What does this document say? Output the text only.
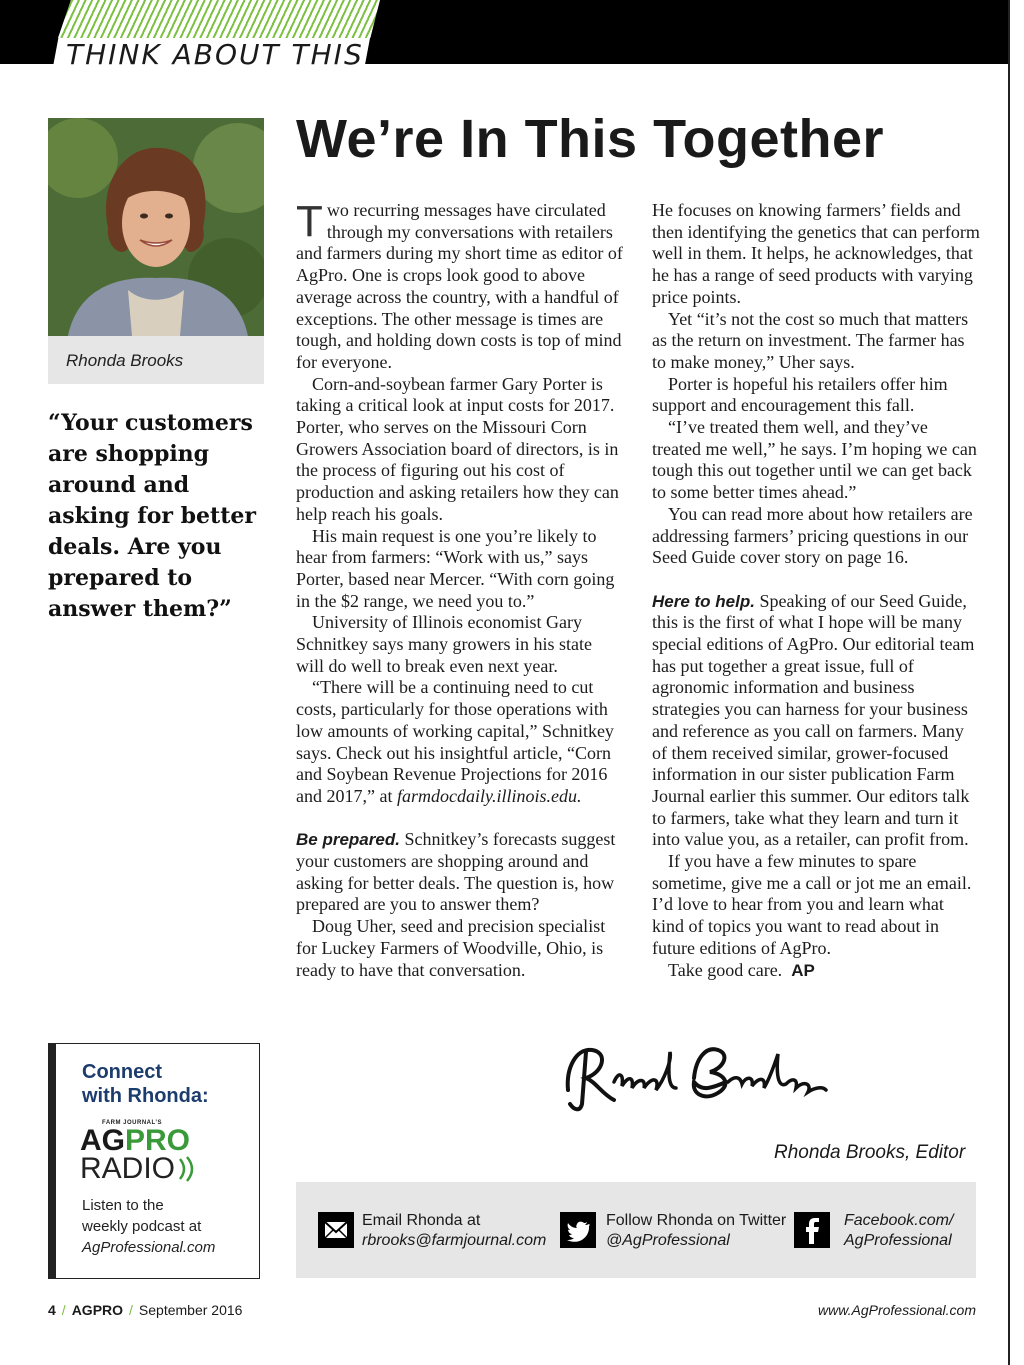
THINK ABOUT THIS
Rhonda Brooks
“Your customers are shopping around and asking for better deals. Are you prepared to answer them?”
We’re In This Together

Two recurring messages have circulated through my conversations with retailers and farmers during my short time as editor of AgPro. One is crops look good to above average across the country, with a handful of exceptions. The other message is times are tough, and holding down costs is top of mind for everyone.

Corn-and-soybean farmer Gary Porter is taking a critical look at input costs for 2017. Porter, who serves on the Missouri Corn Growers Association board of directors, is in the process of figuring out his cost of production and asking retailers how they can help reach his goals.

His main request is one you’re likely to hear from farmers: “Work with us,” says Porter, based near Mercer. “With corn going in the $2 range, we need you to.”

University of Illinois economist Gary Schnitkey says many growers in his state will do well to break even next year.

“There will be a continuing need to cut costs, particularly for those operations with low amounts of working capital,” Schnitkey says. Check out his insightful article, “Corn and Soybean Revenue Projections for 2016 and 2017,” at farmdocdaily.illinois.edu.

Be prepared. Schnitkey’s forecasts suggest your customers are shopping around and asking for better deals. The question is, how prepared are you to answer them?

Doug Uher, seed and precision specialist for Luckey Farmers of Woodville, Ohio, is ready to have that conversation.

He focuses on knowing farmers’ fields and then identifying the genetics that can perform well in them. It helps, he acknowledges, that he has a range of seed products with varying price points.

Yet “it’s not the cost so much that matters as the return on investment. The farmer has to make money,” Uher says.

Porter is hopeful his retailers offer him support and encouragement this fall.

“I’ve treated them well, and they’ve treated me well,” he says. I’m hoping we can tough this out together until we can get back to some better times ahead.”

You can read more about how retailers are addressing farmers’ pricing questions in our Seed Guide cover story on page 16.

Here to help. Speaking of our Seed Guide, this is the first of what I hope will be many special editions of AgPro. Our editorial team has put together a great issue, full of agronomic information and business strategies you can harness for your business and reference as you call on farmers. Many of them received similar, grower-focused information in our sister publication Farm Journal earlier this summer. Our editors talk to farmers, take what they learn and turn it into value you, as a retailer, can profit from.

If you have a few minutes to spare sometime, give me a call or jot me an email. I’d love to hear from you and learn what kind of topics you want to read about in future editions of AgPro.

Take good care. AP

Connect
with Rhonda:
FARM JOURNAL’S
AGPRO
RADIO
Listen to the
weekly podcast at
AgProfessional.com
Rhonda Brooks, Editor
Email Rhonda at
rbrooks@farmjournal.com
Follow Rhonda on Twitter
@AgProfessional
Facebook.com/
AgProfessional
4 / AGPRO / September 2016	www.AgProfessional.com
